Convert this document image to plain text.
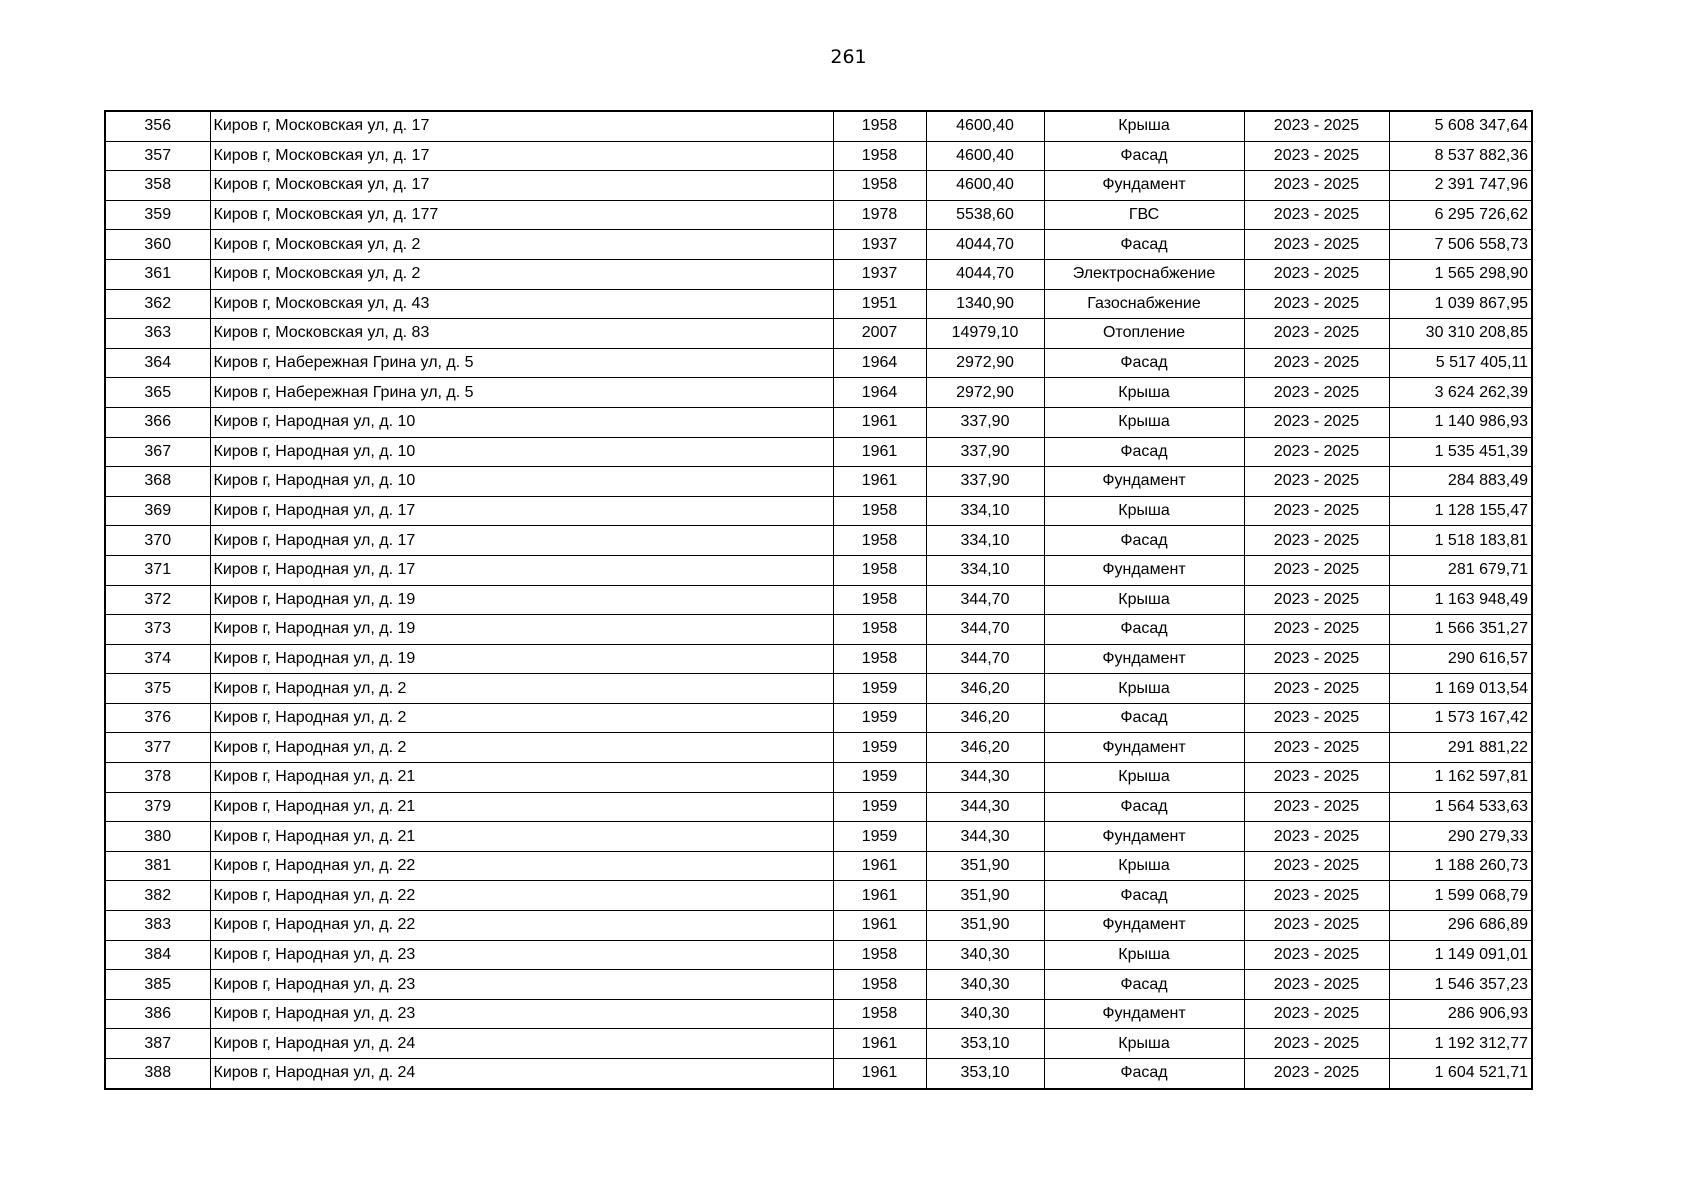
261
356	Киров г, Московская ул, д. 17	1958	4600,40	Крыша	2023 - 2025	5 608 347,64
357	Киров г, Московская ул, д. 17	1958	4600,40	Фасад	2023 - 2025	8 537 882,36
358	Киров г, Московская ул, д. 17	1958	4600,40	Фундамент	2023 - 2025	2 391 747,96
359	Киров г, Московская ул, д. 177	1978	5538,60	ГВС	2023 - 2025	6 295 726,62
360	Киров г, Московская ул, д. 2	1937	4044,70	Фасад	2023 - 2025	7 506 558,73
361	Киров г, Московская ул, д. 2	1937	4044,70	Электроснабжение	2023 - 2025	1 565 298,90
362	Киров г, Московская ул, д. 43	1951	1340,90	Газоснабжение	2023 - 2025	1 039 867,95
363	Киров г, Московская ул, д. 83	2007	14979,10	Отопление	2023 - 2025	30 310 208,85
364	Киров г, Набережная Грина ул, д. 5	1964	2972,90	Фасад	2023 - 2025	5 517 405,11
365	Киров г, Набережная Грина ул, д. 5	1964	2972,90	Крыша	2023 - 2025	3 624 262,39
366	Киров г, Народная ул, д. 10	1961	337,90	Крыша	2023 - 2025	1 140 986,93
367	Киров г, Народная ул, д. 10	1961	337,90	Фасад	2023 - 2025	1 535 451,39
368	Киров г, Народная ул, д. 10	1961	337,90	Фундамент	2023 - 2025	284 883,49
369	Киров г, Народная ул, д. 17	1958	334,10	Крыша	2023 - 2025	1 128 155,47
370	Киров г, Народная ул, д. 17	1958	334,10	Фасад	2023 - 2025	1 518 183,81
371	Киров г, Народная ул, д. 17	1958	334,10	Фундамент	2023 - 2025	281 679,71
372	Киров г, Народная ул, д. 19	1958	344,70	Крыша	2023 - 2025	1 163 948,49
373	Киров г, Народная ул, д. 19	1958	344,70	Фасад	2023 - 2025	1 566 351,27
374	Киров г, Народная ул, д. 19	1958	344,70	Фундамент	2023 - 2025	290 616,57
375	Киров г, Народная ул, д. 2	1959	346,20	Крыша	2023 - 2025	1 169 013,54
376	Киров г, Народная ул, д. 2	1959	346,20	Фасад	2023 - 2025	1 573 167,42
377	Киров г, Народная ул, д. 2	1959	346,20	Фундамент	2023 - 2025	291 881,22
378	Киров г, Народная ул, д. 21	1959	344,30	Крыша	2023 - 2025	1 162 597,81
379	Киров г, Народная ул, д. 21	1959	344,30	Фасад	2023 - 2025	1 564 533,63
380	Киров г, Народная ул, д. 21	1959	344,30	Фундамент	2023 - 2025	290 279,33
381	Киров г, Народная ул, д. 22	1961	351,90	Крыша	2023 - 2025	1 188 260,73
382	Киров г, Народная ул, д. 22	1961	351,90	Фасад	2023 - 2025	1 599 068,79
383	Киров г, Народная ул, д. 22	1961	351,90	Фундамент	2023 - 2025	296 686,89
384	Киров г, Народная ул, д. 23	1958	340,30	Крыша	2023 - 2025	1 149 091,01
385	Киров г, Народная ул, д. 23	1958	340,30	Фасад	2023 - 2025	1 546 357,23
386	Киров г, Народная ул, д. 23	1958	340,30	Фундамент	2023 - 2025	286 906,93
387	Киров г, Народная ул, д. 24	1961	353,10	Крыша	2023 - 2025	1 192 312,77
388	Киров г, Народная ул, д. 24	1961	353,10	Фасад	2023 - 2025	1 604 521,71
